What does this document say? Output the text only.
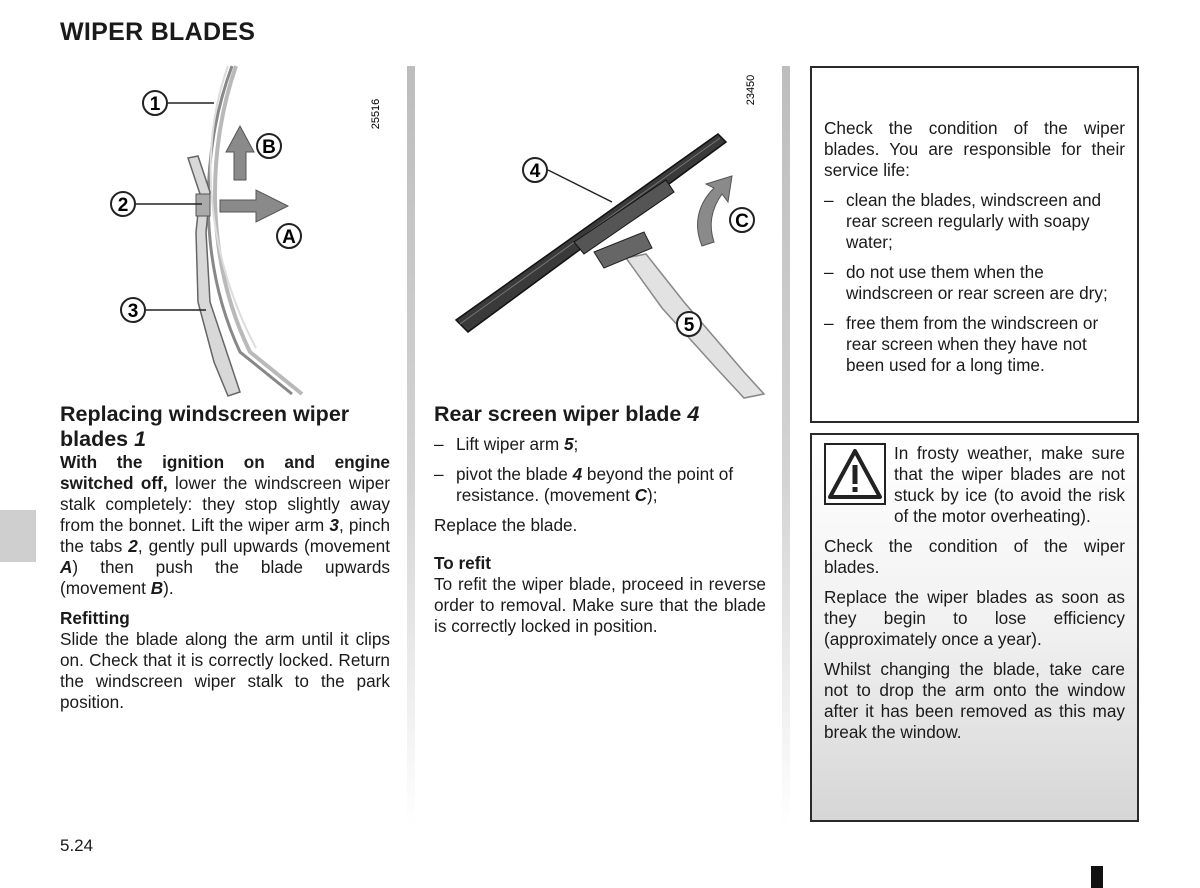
WIPER BLADES
1
2
3
B
A
25516
4
5
C
23450
Replacing windscreen wiper blades 1

With the ignition on and engine switched off, lower the windscreen wiper stalk completely: they stop slightly away from the bonnet. Lift the wiper arm 3, pinch the tabs 2, gently pull upwards (movement A) then push the blade upwards (movement B).

Refitting

Slide the blade along the arm until it clips on. Check that it is correctly locked. Return the windscreen wiper stalk to the park position.

Rear screen wiper blade 4
– Lift wiper arm 5;
– pivot the blade 4 beyond the point of resistance. (movement C);

Replace the blade.

To refit

To refit the wiper blade, proceed in reverse order to removal. Make sure that the blade is correctly locked in position.

Check the condition of the wiper blades. You are responsible for their service life:

– clean the blades, windscreen and rear screen regularly with soapy water;
– do not use them when the windscreen or rear screen are dry;
– free them from the windscreen or rear screen when they have not been used for a long time.

In frosty weather, make sure that the wiper blades are not stuck by ice (to avoid the risk of the motor overheating).

Check the condition of the wiper blades.

Replace the wiper blades as soon as they begin to lose efficiency (approximately once a year).

Whilst changing the blade, take care not to drop the arm onto the window after it has been removed as this may break the window.

5.24
